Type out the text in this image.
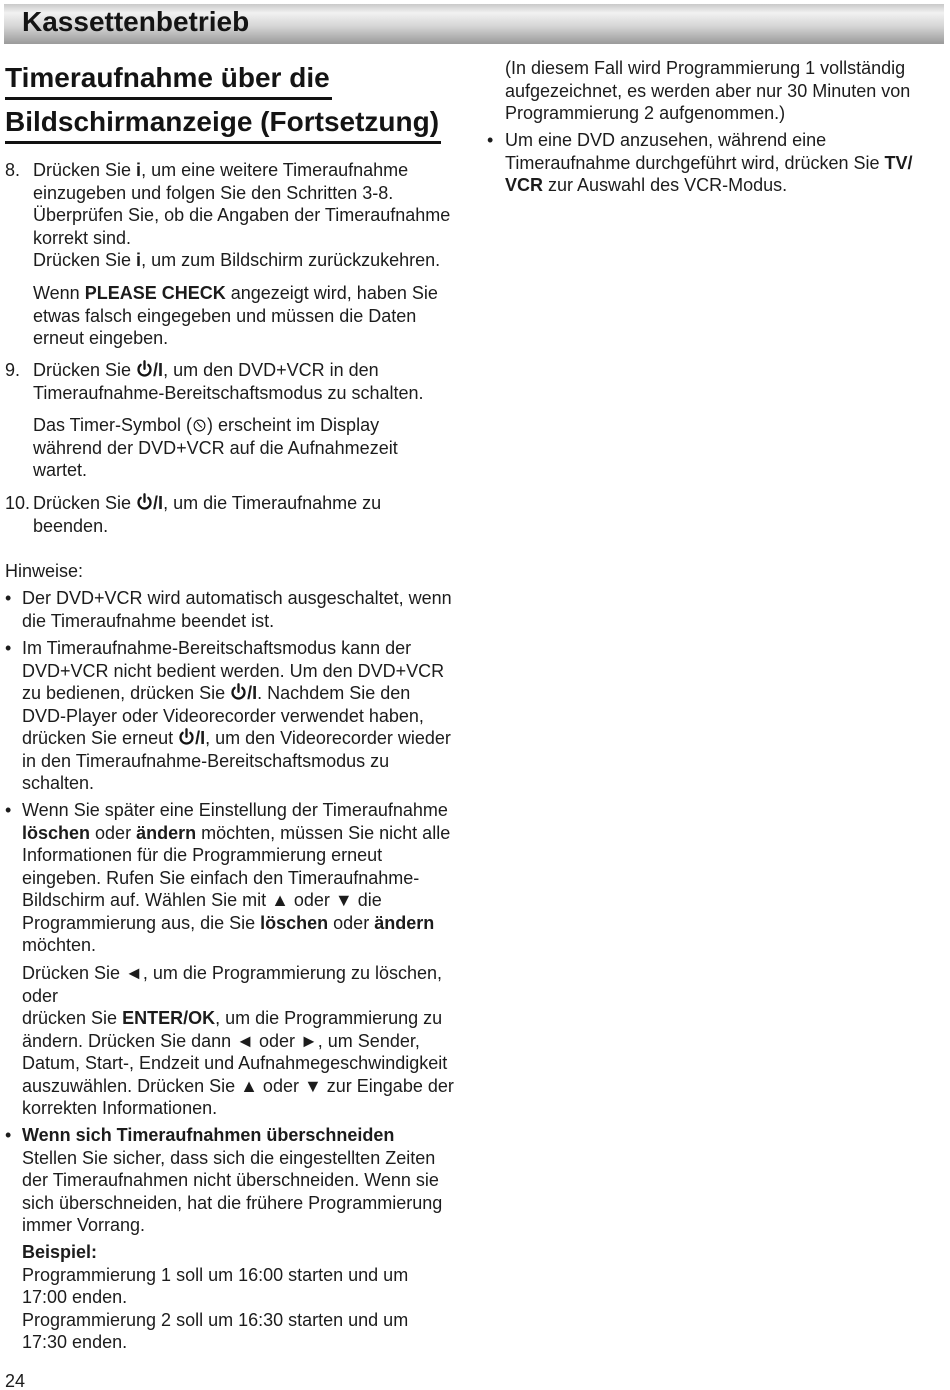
Kassettenbetrieb
Timeraufnahme über die
Bildschirmanzeige (Fortsetzung)
8. Drücken Sie i, um eine weitere Timeraufnahme
einzugeben und folgen Sie den Schritten 3-8.
Überprüfen Sie, ob die Angaben der Timeraufnahme
korrekt sind.
Drücken Sie i, um zum Bildschirm zurückzukehren.
Wenn PLEASE CHECK angezeigt wird, haben Sie
etwas falsch eingegeben und müssen die Daten
erneut eingeben.
9. Drücken Sie
/I, um den DVD+VCR in den
Timeraufnahme-Bereitschaftsmodus zu schalten.
Das Timer-Symbol ( ) erscheint im Display
während der DVD+VCR auf die Aufnahmezeit
wartet.
10. Drücken Sie
/I, um die Timeraufnahme zu
beenden.
Hinweise:
• Der DVD+VCR wird automatisch ausgeschaltet, wenn
die Timeraufnahme beendet ist.
• Im Timeraufnahme-Bereitschaftsmodus kann der
DVD+VCR nicht bedient werden. Um den DVD+VCR
zu bedienen, drücken Sie
/I. Nachdem Sie den
DVD-Player oder Videorecorder verwendet haben,
drücken Sie erneut
/I, um den Videorecorder wieder
in den Timeraufnahme-Bereitschaftsmodus zu
schalten.
• Wenn Sie später eine Einstellung der Timeraufnahme
löschen oder ändern möchten, müssen Sie nicht alle
Informationen für die Programmierung erneut
eingeben. Rufen Sie einfach den Timeraufnahme-
Bildschirm auf. Wählen Sie mit ▲ oder ▼ die
Programmierung aus, die Sie löschen oder ändern
möchten.
Drücken Sie ◄, um die Programmierung zu löschen,
oder
drücken Sie ENTER/OK, um die Programmierung zu
ändern. Drücken Sie dann ◄ oder ►, um Sender,
Datum, Start-, Endzeit und Aufnahmegeschwindigkeit
auszuwählen. Drücken Sie ▲ oder ▼ zur Eingabe der
korrekten Informationen.
• Wenn sich Timeraufnahmen überschneiden
Stellen Sie sicher, dass sich die eingestellten Zeiten
der Timeraufnahmen nicht überschneiden. Wenn sie
sich überschneiden, hat die frühere Programmierung
immer Vorrang.
Beispiel:
Programmierung 1 soll um 16:00 starten und um
17:00 enden.
Programmierung 2 soll um 16:30 starten und um
17:30 enden.
(In diesem Fall wird Programmierung 1 vollständig
aufgezeichnet, es werden aber nur 30 Minuten von
Programmierung 2 aufgenommen.)
• Um eine DVD anzusehen, während eine
Timeraufnahme durchgeführt wird, drücken Sie TV/
VCR zur Auswahl des VCR-Modus.
24
